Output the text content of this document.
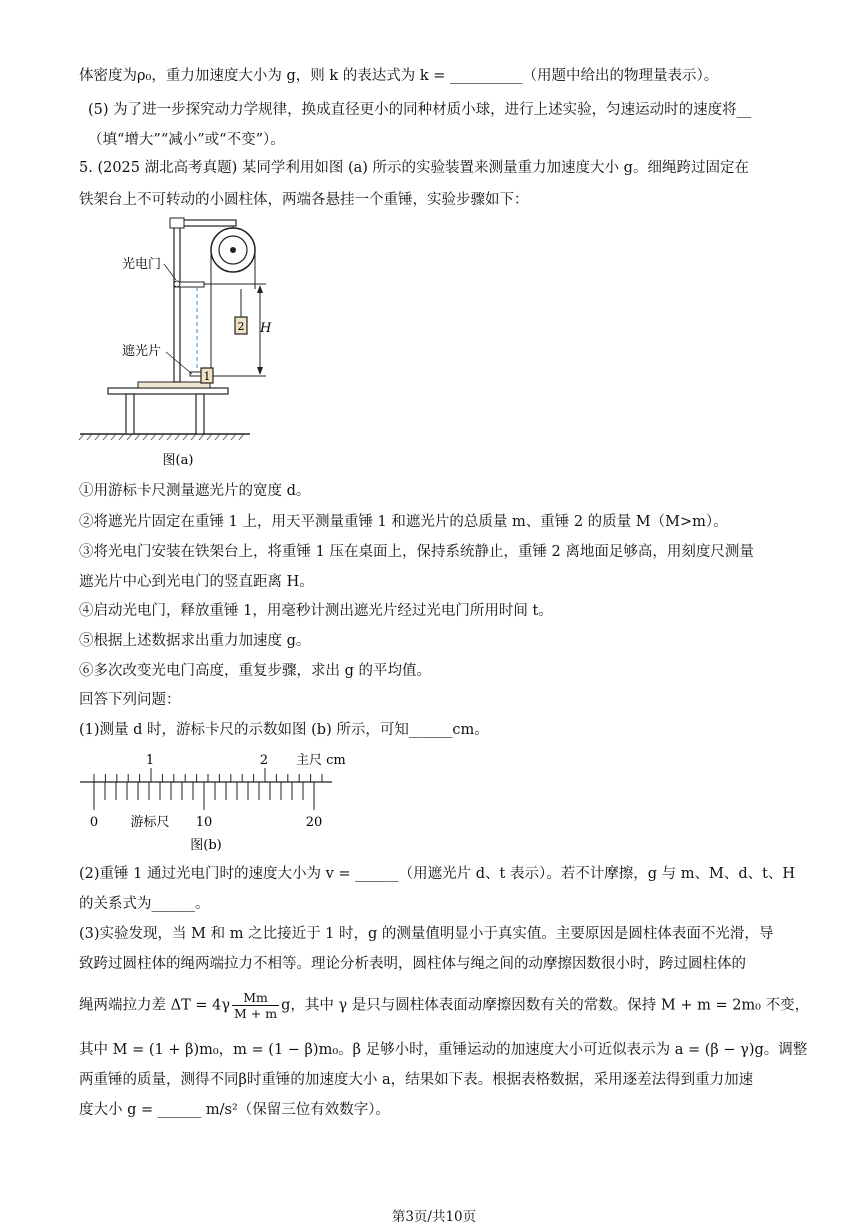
体密度为ρ₀，重力加速度大小为 g，则 k 的表达式为 k = __________（用题中给出的物理量表示）。
(5) 为了进一步探究动力学规律，换成直径更小的同种材质小球，进行上述实验，匀速运动时的速度将__
（填“增大”“减小”或“不变”）。
5. (2025 湖北高考真题) 某同学利用如图 (a) 所示的实验装置来测量重力加速度大小 g。细绳跨过固定在
铁架台上不可转动的小圆柱体，两端各悬挂一个重锤，实验步骤如下：
1
2 H
光电门
遮光片
图(a)
①用游标卡尺测量遮光片的宽度 d。
②将遮光片固定在重锤 1 上，用天平测量重锤 1 和遮光片的总质量 m、重锤 2 的质量 M（M>m）。
③将光电门安装在铁架台上，将重锤 1 压在桌面上，保持系统静止，重锤 2 离地面足够高，用刻度尺测量
遮光片中心到光电门的竖直距离 H。
④启动光电门，释放重锤 1，用毫秒计测出遮光片经过光电门所用时间 t。
⑤根据上述数据求出重力加速度 g。
⑥多次改变光电门高度，重复步骤，求出 g 的平均值。
回答下列问题：
(1)测量 d 时，游标卡尺的示数如图 (b) 所示，可知______cm。
1	2 主尺 cm
0 游标尺 10	20
图(b)
(2)重锤 1 通过光电门时的速度大小为 v = ______（用遮光片 d、t 表示）。若不计摩擦，g 与 m、M、d、t、H
的关系式为______。
(3)实验发现，当 M 和 m 之比接近于 1 时，g 的测量值明显小于真实值。主要原因是圆柱体表面不光滑，导
致跨过圆柱体的绳两端拉力不相等。理论分析表明，圆柱体与绳之间的动摩擦因数很小时，跨过圆柱体的
绳两端拉力差 $\Delta T = 4\gamma \frac{Mm}{M + m}$ g，其中 γ 是只与圆柱体表面动摩擦因数有关的常数。保持 M + m = 2m₀ 不变，
其中 M = (1 + β)m₀，m = (1 − β)m₀。β 足够小时，重锤运动的加速度大小可近似表示为 a = (β − γ)g。调整
两重锤的质量，测得不同β时重锤的加速度大小 a，结果如下表。根据表格数据，采用逐差法得到重力加速
度大小 g = ______ m/s²（保留三位有效数字）。
第3页/共10页
